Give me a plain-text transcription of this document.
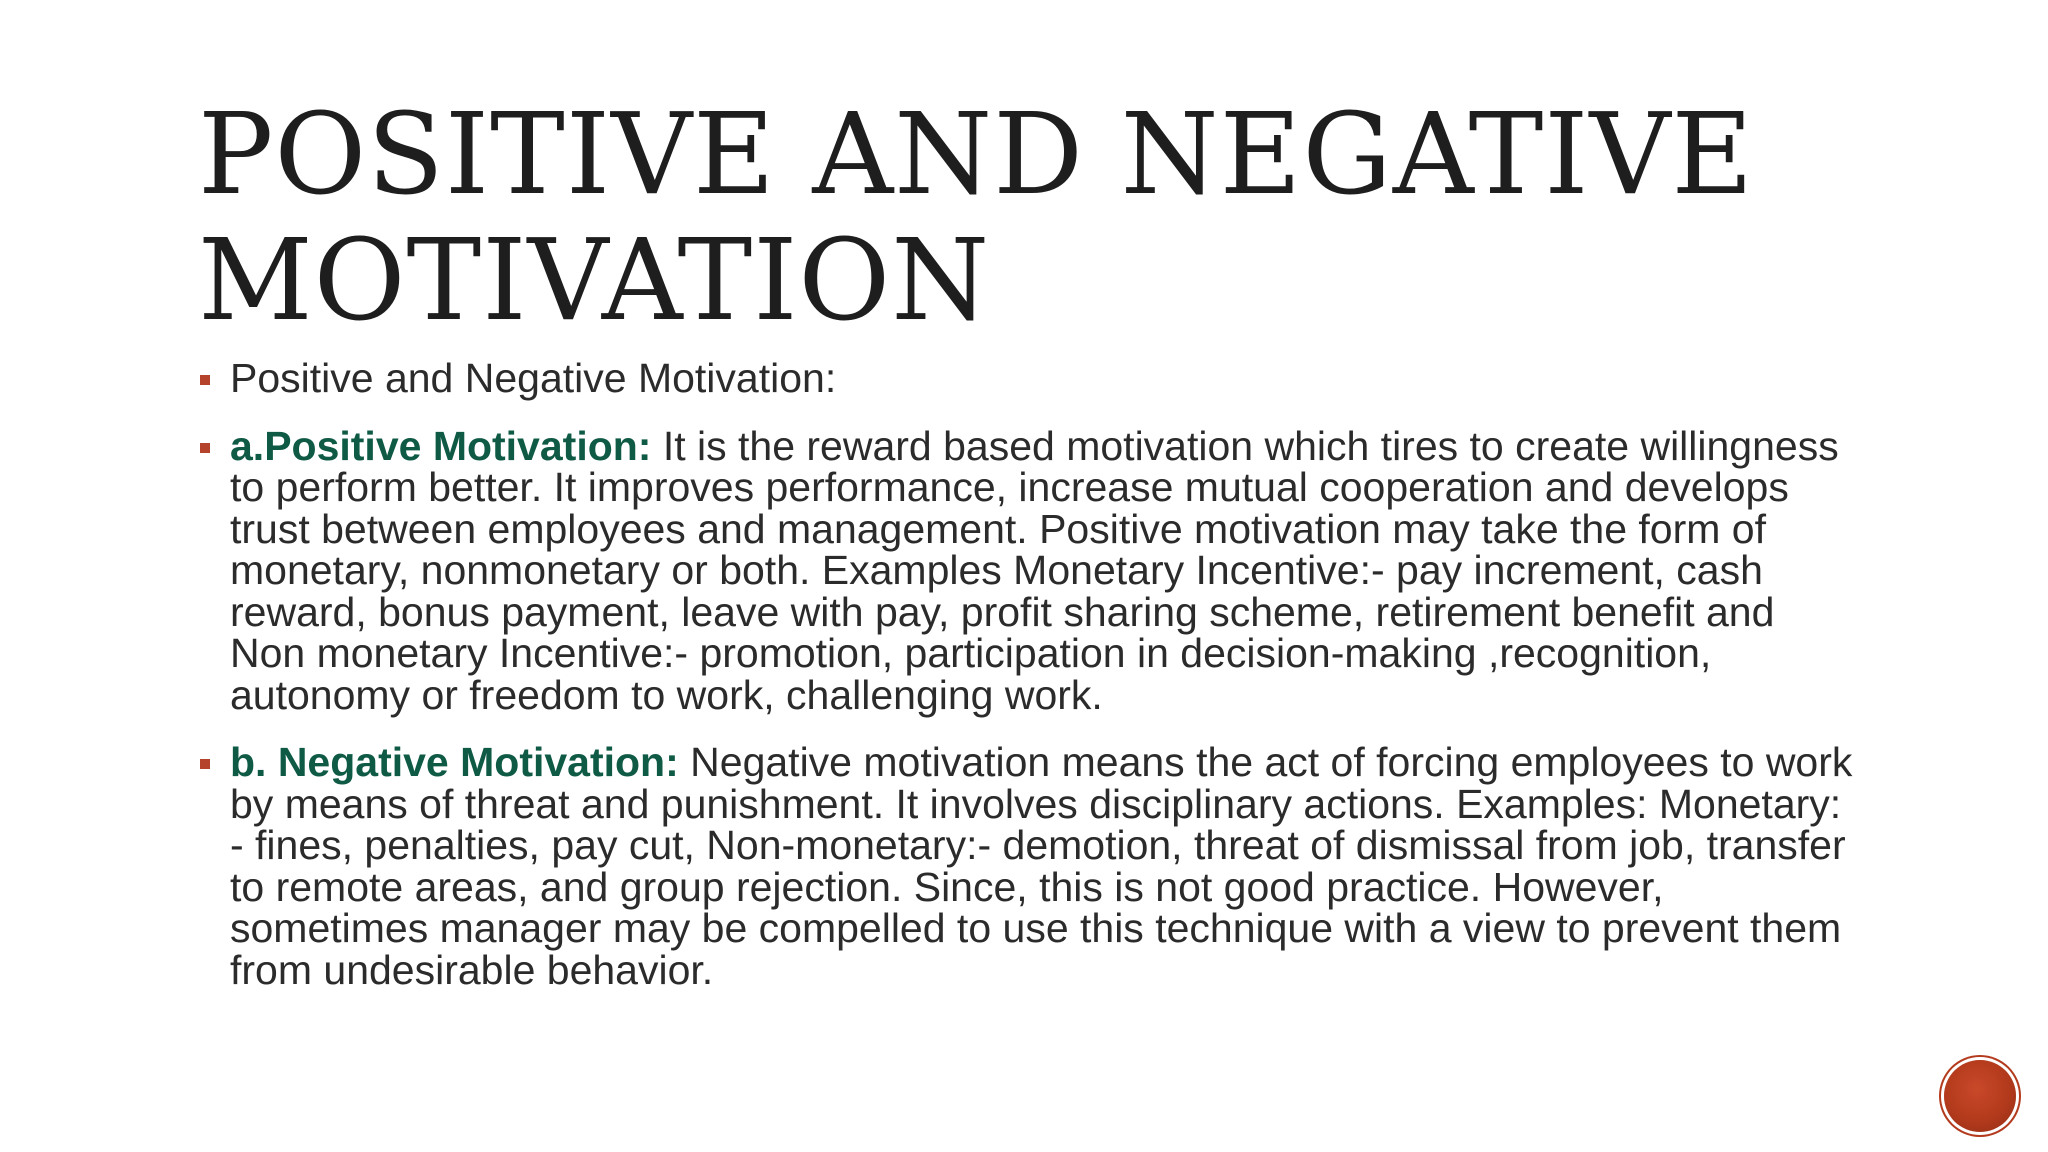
POSITIVE AND NEGATIVE
MOTIVATION
Positive and Negative Motivation:
a.Positive Motivation: It is the reward based motivation which tires to create willingness to perform better. It improves performance, increase mutual cooperation and develops trust between employees and management. Positive motivation may take the form of monetary, nonmonetary or both. Examples Monetary Incentive:- pay increment, cash reward, bonus payment, leave with pay, profit sharing scheme, retirement benefit and Non monetary Incentive:- promotion, participation in decision-making ,recognition, autonomy or freedom to work, challenging work.
b. Negative Motivation: Negative motivation means the act of forcing employees to work by means of threat and punishment. It involves disciplinary actions. Examples: Monetary: - fines, penalties, pay cut, Non-monetary:- demotion, threat of dismissal from job, transfer to remote areas, and group rejection. Since, this is not good practice. However, sometimes manager may be compelled to use this technique with a view to prevent them from undesirable behavior.
